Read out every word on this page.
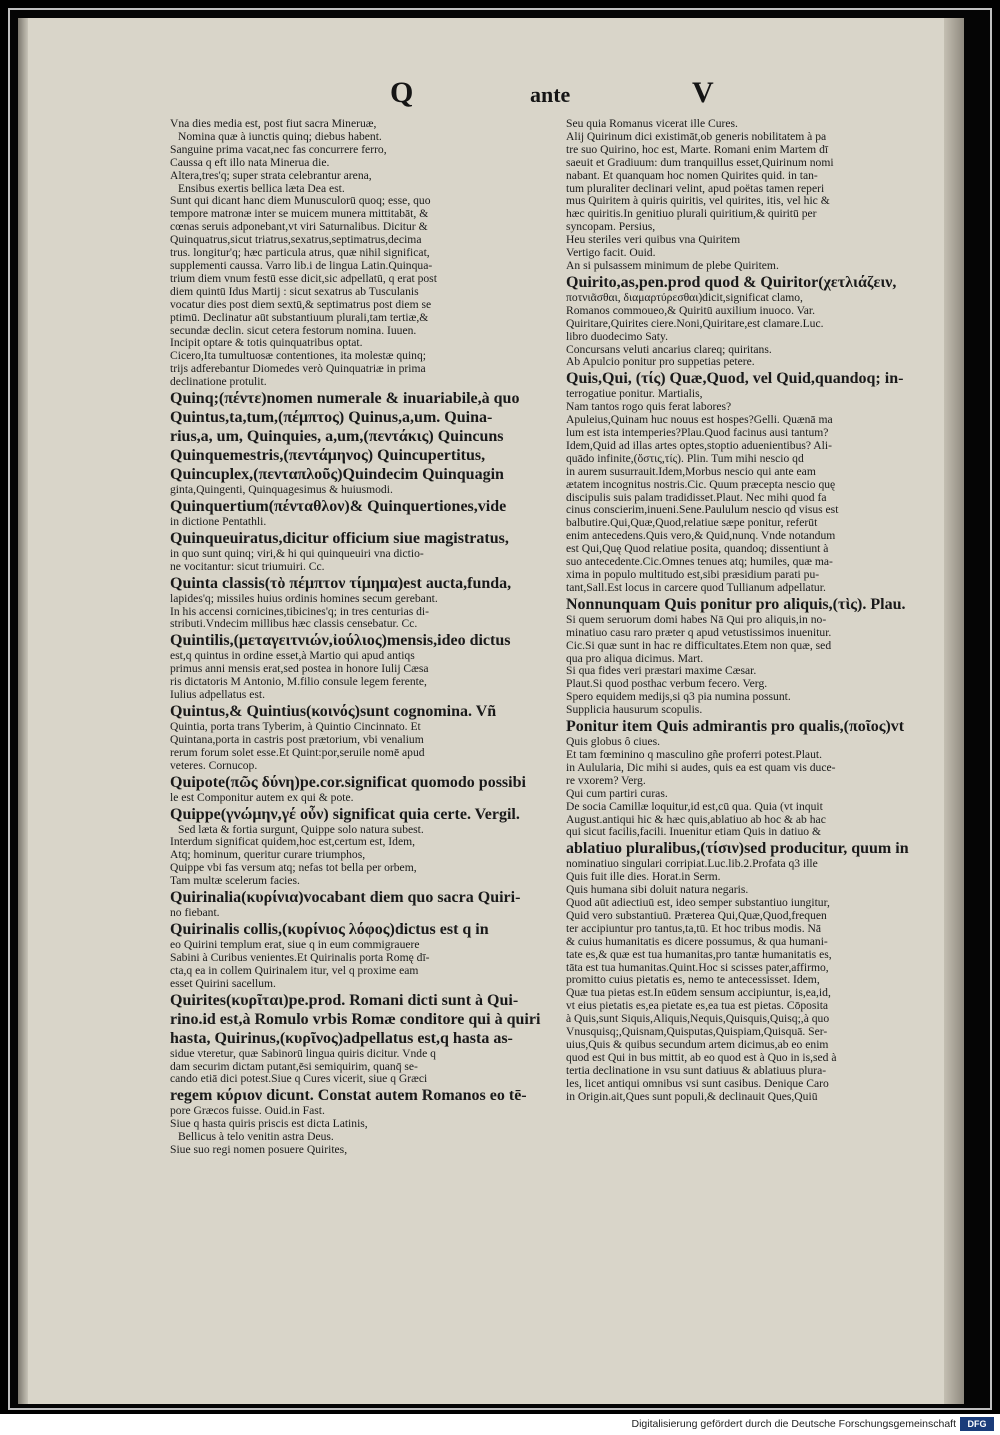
Q	ante	V
Vna dies media est, post fiut sacra Mineruæ,
Nomina quæ à iunctis quinq; diebus habent.
Sanguine prima vacat,nec fas concurrere ferro,
Caussa q eft illo nata Minerua die.
Altera,tres'q; super strata celebrantur arena,
Ensibus exertis bellica læta Dea est.
Sunt qui dicant hanc diem Munusculorū quoq; esse, quo
tempore matronæ inter se muicem munera mittitabāt, &
cœnas seruis adponebant,vt viri Saturnalibus. Dicitur &
Quinquatrus,sicut triatrus,sexatrus,septimatrus,decima
trus. longitur'q; hæc particula atrus, quæ nihil significat,
supplementi caussa. Varro lib.i de lingua Latin.Quinqua-
trium diem vnum festū esse dicit,sic adpellatū, q erat post
diem quintū Idus Martij : sicut sexatrus ab Tusculanis
vocatur dies post diem sextū,& septimatrus post diem se
ptimū. Declinatur aūt substantiuum plurali,tam tertiæ,&
secundæ declin. sicut cetera festorum nomina. Iuuen.
Incipit optare & totis quinquatribus optat.
Cicero,Ita tumultuosæ contentiones, ita molestæ quinq;
trijs adferebantur Diomedes verò Quinquatriæ in prima
declinatione protulit.
Quinq;(πέντε)nomen numerale & inuariabile,à quo
Quintus,ta,tum,(πέμπτος) Quinus,a,um. Quina-
rius,a, um, Quinquies, a,um,(πεντάκις) Quincuns
Quinquemestris,(πεντάμηνος) Quincupertitus,
Quincuplex,(πενταπλοῦς)Quindecim Quinquagin
ginta,Quingenti, Quinquagesimus & huiusmodi.
Quinquertium(πένταθλον)& Quinquertiones,vide
in dictione Pentathli.
Quinqueuiratus,dicitur officium siue magistratus,
in quo sunt quinq; viri,& hi qui quinqueuiri vna dictio-
ne vocitantur: sicut triumuiri. Cc.
Quinta classis(τὸ πέμπτον τίμημα)est aucta,funda,
lapides'q; missiles huius ordinis homines secum gerebant.
In his accensi cornicines,tibicines'q; in tres centurias di-
stributi.Vndecim millibus hæc classis censebatur. Cc.
Quintilis,(μεταγειτνιών,ἰούλιος)mensis,ideo dictus
est,q quintus in ordine esset,à Martio qui apud antiqs
primus anni mensis erat,sed postea in honore Iulij Cæsa
ris dictatoris M Antonio, M.filio consule legem ferente,
Iulius adpellatus est.
Quintus,& Quintius(κοινός)sunt cognomina. Vñ
Quintia, porta trans Tyberim, à Quintio Cincinnato. Et
Quintana,porta in castris post prætorium, vbi venalium
rerum forum solet esse.Et Quint:por,seruile nomē apud
veteres. Cornucop.
Quipote(πῶς δύνη)pe.cor.significat quomodo possibi
le est Componitur autem ex qui & pote.
Quippe(γνώμην,γέ οὖν) significat quia certe. Vergil.
Sed læta & fortia surgunt, Quippe solo natura subest.
Interdum significat quidem,hoc est,certum est, Idem,
Atq; hominum, queritur curare triumphos,
Quippe vbi fas versum atq; nefas tot bella per orbem,
Tam multæ scelerum facies.
Quirinalia(κυρίνια)vocabant diem quo sacra Quiri-
no fiebant.
Quirinalis collis,(κυρίνιος λόφος)dictus est q in
eo Quirini templum erat, siue q in eum commigrauere
Sabini à Curibus venientes.Et Quirinalis porta Romę dī-
cta,q ea in collem Quirinalem itur, vel q proxime eam
esset Quirini sacellum.
Quirites(κυρῖται)pe.prod. Romani dicti sunt à Qui-
rino.id est,à Romulo vrbis Romæ conditore qui à quiri
hasta, Quirinus,(κυρῖνος)adpellatus est,q hasta as-
sidue vteretur, quæ Sabinorū lingua quiris dicitur. Vnde q
dam securim dictam putant,ēsi semiquirim, quanq̄ se-
cando etiā dici potest.Siue q Cures vicerit, siue q Græci
regem κύριον dicunt. Constat autem Romanos eo tē-
pore Græcos fuisse. Ouid.in Fast.
Siue q hasta quiris priscis est dicta Latinis,
Bellicus à telo venitin astra Deus.
Siue suo regi nomen posuere Quirites,
Seu quia Romanus vicerat ille Cures.
Alij Quirinum dici existimāt,ob generis nobilitatem à pa
tre suo Quirino, hoc est, Marte. Romani enim Martem dī
saeuit et Gradiuum: dum tranquillus esset,Quirinum nomi
nabant. Et quanquam hoc nomen Quirites quid. in tan-
tum pluraliter declinari velint, apud poëtas tamen reperi
mus Quiritem à quiris quiritis, vel quirites, itis, vel hic &
hæc quiritis.In genitiuo plurali quiritium,& quiritū per
syncopam. Persius,
Heu steriles veri quibus vna Quiritem
Vertigo facit. Ouid.
An si pulsassem minimum de plebe Quiritem.
Quirito,as,pen.prod quod & Quiritor(χετλιάζειν,
ποτνιᾶσθαι, διαμαρτύρεσθαι)dicit,significat clamo,
Romanos commoueo,& Quiritū auxilium inuoco. Var.
Quiritare,Quirites ciere.Noni,Quiritare,est clamare.Luc.
libro duodecimo Saty.
Concursans veluti ancarius clareq; quiritans.
Ab Apulcio ponitur pro suppetias petere.
Quis,Qui, (τίς) Quæ,Quod, vel Quid,quandoq; in-
terrogatiue ponitur. Martialis,
Nam tantos rogo quis ferat labores?
Apuleius,Quinam huc nouus est hospes?Gelli. Quænā ma
lum est ista intemperies?Plau.Quod facinus ausi tantum?
Idem,Quid ad illas artes optes,stoptio aduenientibus? Ali-
quādo infinite,(ὅστις,τίς). Plin. Tum mihi nescio qd
in aurem susurrauit.Idem,Morbus nescio qui ante eam
ætatem incognitus nostris.Cic. Quum præcepta nescio quę
discipulis suis palam tradidisset.Plaut. Nec mihi quod fa
cinus conscierim,inueni.Sene.Paululum nescio qd visus est
balbutire.Qui,Quæ,Quod,relatiue sæpe ponitur, referūt
enim antecedens.Quis vero,& Quid,nunq. Vnde notandum
est Qui,Quę Quod relatiue posita, quandoq; dissentiunt à
suo antecedente.Cic.Omnes tenues atq; humiles, quæ ma-
xima in populo multitudo est,sibi præsidium parati pu-
tant,Sall.Est locus in carcere quod Tullianum adpellatur.
Nonnunquam Quis ponitur pro aliquis,(τὶς). Plau.
Si quem seruorum domi habes Nā Qui pro aliquis,in no-
minatiuo casu raro præter q apud vetustissimos inuenitur.
Cic.Si quæ sunt in hac re difficultates.Etem non quæ, sed
qua pro aliqua dicimus. Mart.
Si qua fides veri præstari maxime Cæsar.
Plaut.Si quod posthac verbum fecero. Verg.
Spero equidem medijs,si q3 pia numina possunt.
Supplicia hausurum scopulis.
Ponitur item Quis admirantis pro qualis,(ποῖος)vt
Quis globus ô ciues.
Et tam fœminino q masculino gñe proferri potest.Plaut.
in Aulularia, Dic mihi si audes, quis ea est quam vis duce-
re vxorem? Verg.
Qui cum partiri curas.
De socia Camillæ loquitur,id est,cū qua. Quia (vt inquit
August.antiqui hic & hæc quis,ablatiuo ab hoc & ab hac
qui sicut facilis,facili. Inuenitur etiam Quis in datiuo &
ablatiuo pluralibus,(τίσιν)sed producitur, quum in
nominatiuo singulari corripiat.Luc.lib.2.Profata q3 ille
Quis fuit ille dies. Horat.in Serm.
Quis humana sibi doluit natura negaris.
Quod aūt adiectiuū est, ideo semper substantiuo iungitur,
Quid vero substantiuū. Præterea Qui,Quæ,Quod,frequen
ter accipiuntur pro tantus,ta,tū. Et hoc tribus modis. Nā
& cuius humanitatis es dicere possumus, & qua humani-
tate es,& quæ est tua humanitas,pro tantæ humanitatis es,
tāta est tua humanitas.Quint.Hoc si scisses pater,affirmo,
promitto cuius pietatis es, nemo te antecessisset. Idem,
Quæ tua pietas est.In eūdem sensum accipiuntur, is,ea,id,
vt eius pietatis es,ea pietate es,ea tua est pietas. Cōposita
à Quis,sunt Siquis,Aliquis,Nequis,Quisquis,Quisq;,à quo
Vnusquisq;,Quisnam,Quisputas,Quispiam,Quisquā. Ser-
uius,Quis & quibus secundum artem dicimus,ab eo enim
quod est Qui in bus mittit, ab eo quod est à Quo in is,sed à
tertia declinatione in vsu sunt datiuus & ablatiuus plura-
les, licet antiqui omnibus vsi sunt casibus. Denique Caro
in Origin.ait,Ques sunt populi,& declinauit Ques,Quiū
Digitalisierung gefördert durch die Deutsche Forschungsgemeinschaft	DFG
